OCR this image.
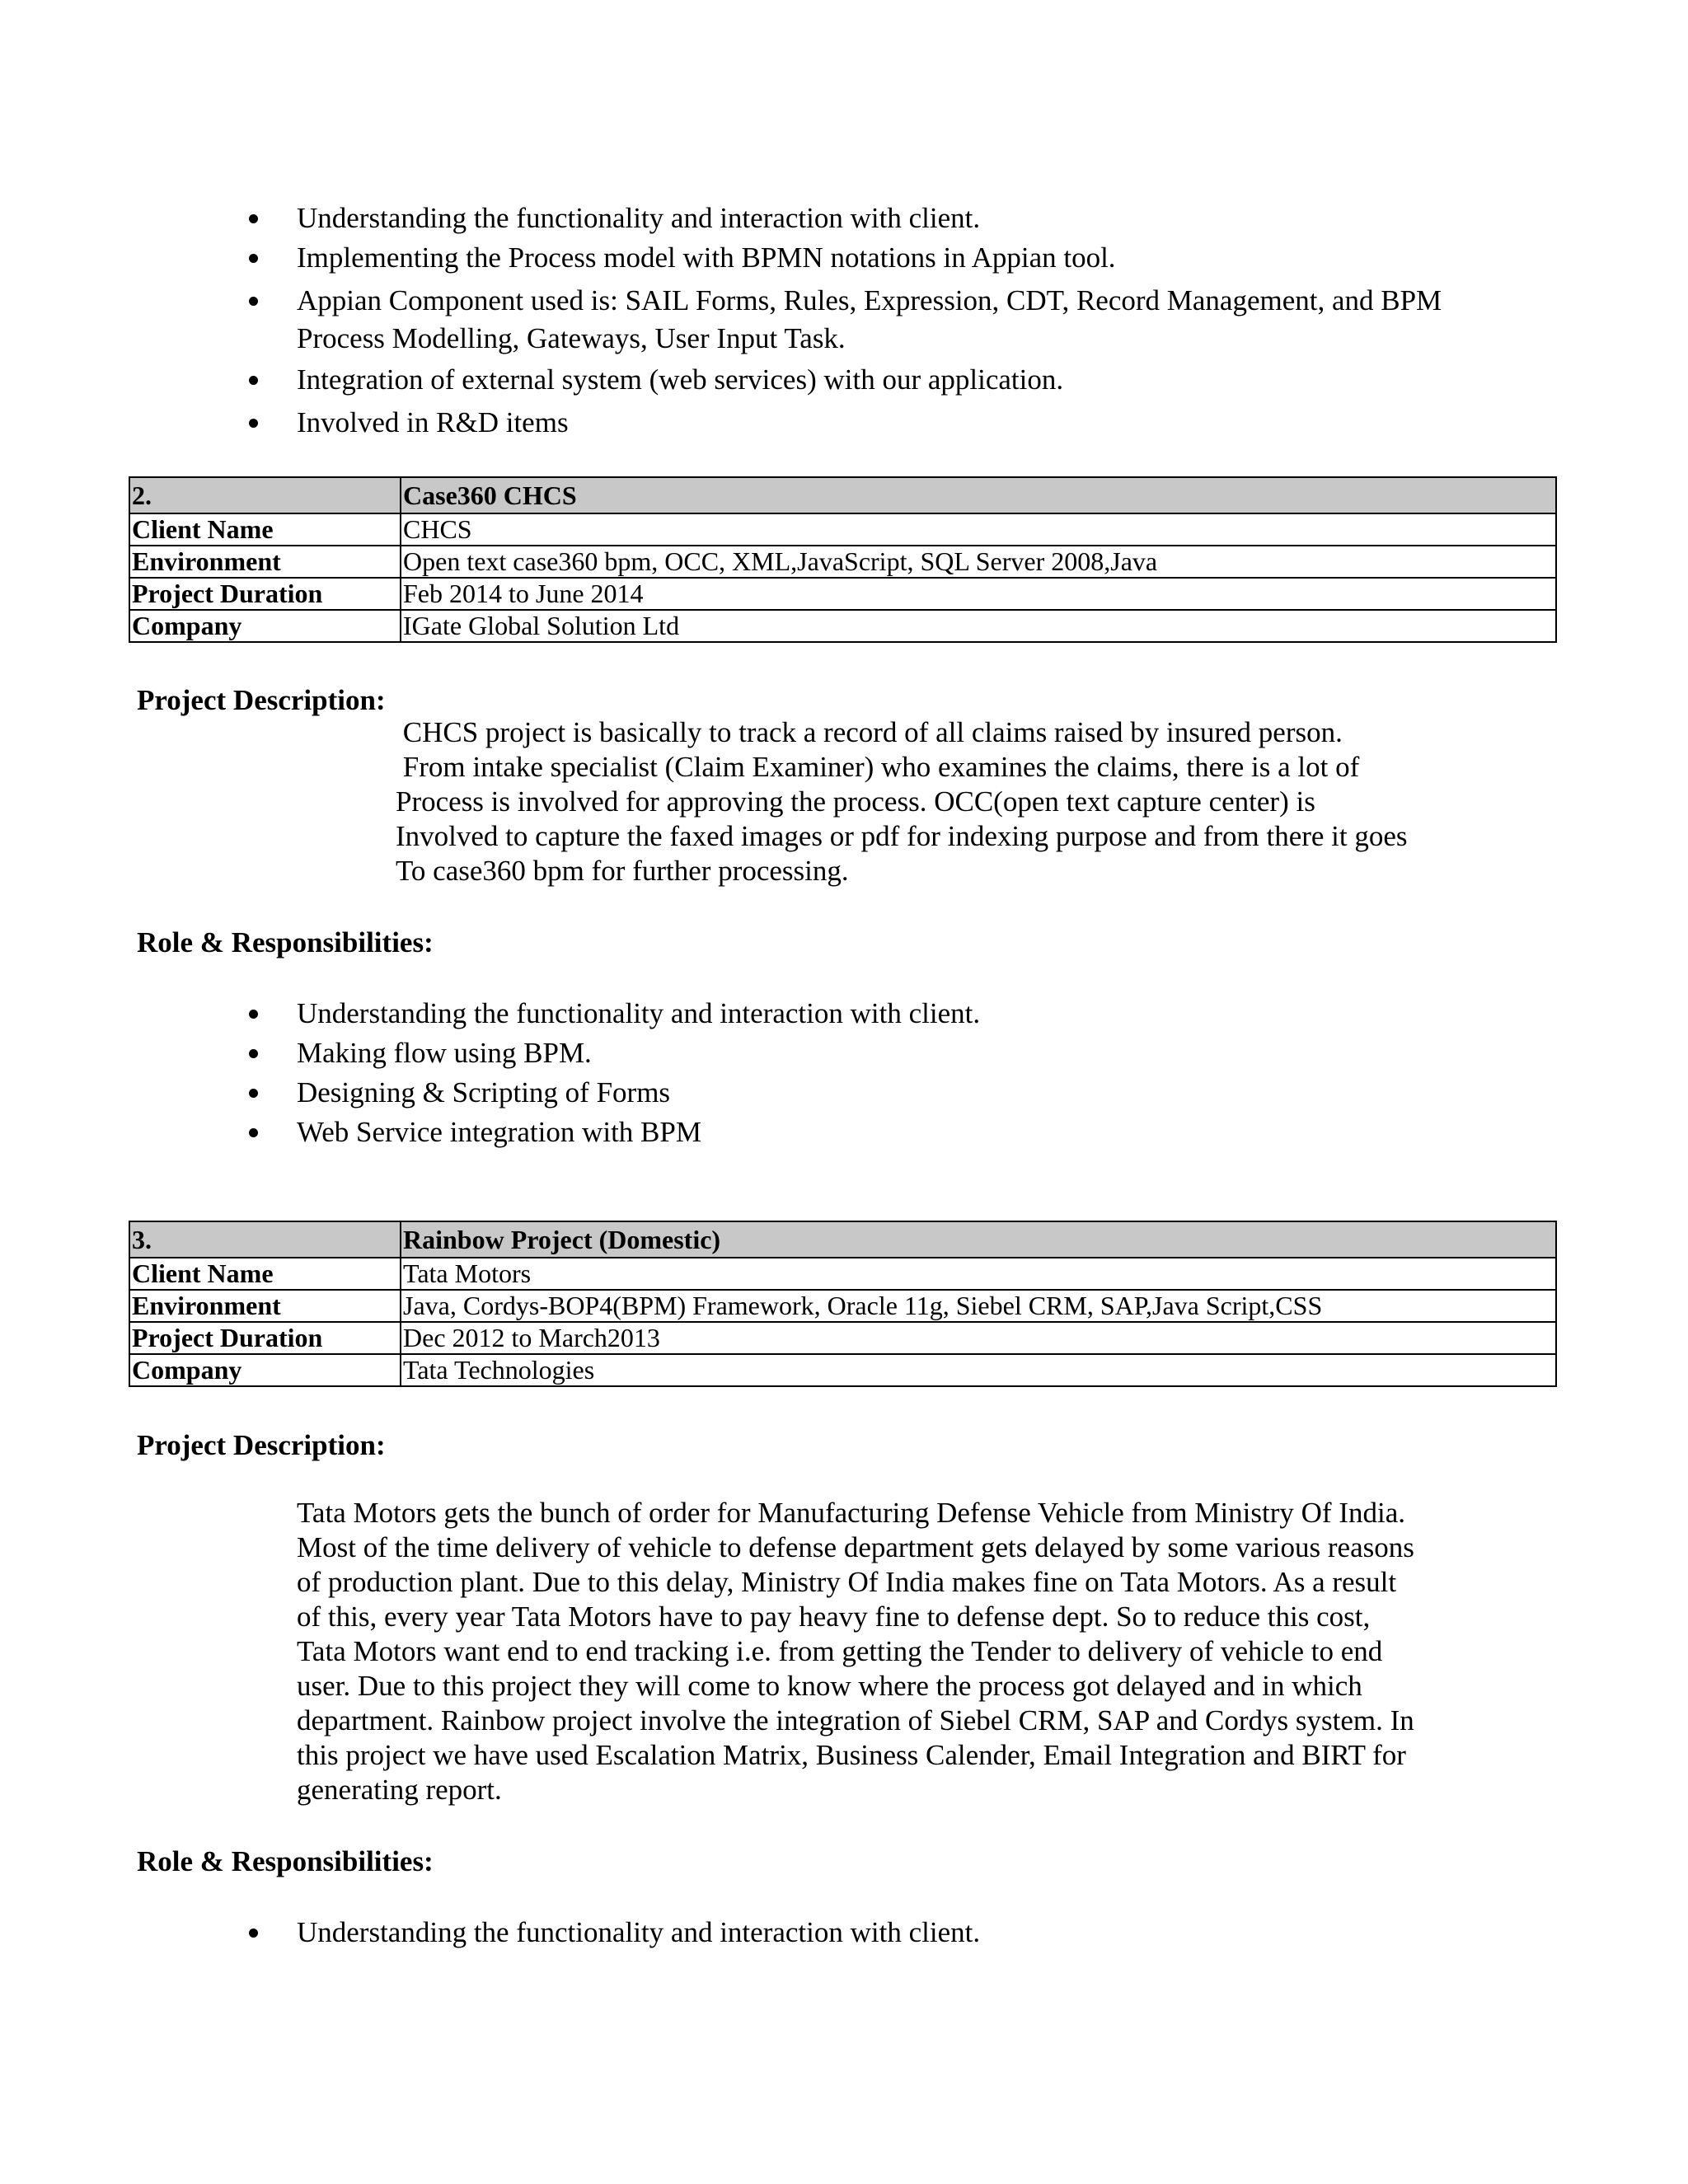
Understanding the functionality and interaction with client.
Implementing the Process model with BPMN notations in Appian tool.
Appian Component used is: SAIL Forms, Rules, Expression, CDT, Record Management, and BPM Process Modelling, Gateways, User Input Task.
Integration of external system (web services) with our application.
Involved in R&D items
2.	Case360 CHCS
Client Name	CHCS
Environment	Open text case360 bpm, OCC, XML,JavaScript, SQL Server 2008,Java
Project Duration	Feb 2014 to June 2014
Company	IGate Global Solution Ltd
Project Description:
CHCS project is basically to track a record of all claims raised by insured person.
From intake specialist (Claim Examiner) who examines the claims, there is a lot of
Process is involved for approving the process. OCC(open text capture center) is
Involved to capture the faxed images or pdf for indexing purpose and from there it goes
To case360 bpm for further processing.
Role & Responsibilities:
Understanding the functionality and interaction with client.
Making flow using BPM.
Designing & Scripting of Forms
Web Service integration with BPM
3.	Rainbow Project (Domestic)
Client Name	Tata Motors
Environment	Java, Cordys-BOP4(BPM) Framework, Oracle 11g, Siebel CRM, SAP,Java Script,CSS
Project Duration	Dec 2012 to March2013
Company	Tata Technologies
Project Description:
Tata Motors gets the bunch of order for Manufacturing Defense Vehicle from Ministry Of India.
Most of the time delivery of vehicle to defense department gets delayed by some various reasons
of production plant. Due to this delay, Ministry Of India makes fine on Tata Motors. As a result
of this, every year Tata Motors have to pay heavy fine to defense dept. So to reduce this cost,
Tata Motors want end to end tracking i.e. from getting the Tender to delivery of vehicle to end
user. Due to this project they will come to know where the process got delayed and in which
department. Rainbow project involve the integration of Siebel CRM, SAP and Cordys system. In
this project we have used Escalation Matrix, Business Calender, Email Integration and BIRT for
generating report.
Role & Responsibilities:
Understanding the functionality and interaction with client.
